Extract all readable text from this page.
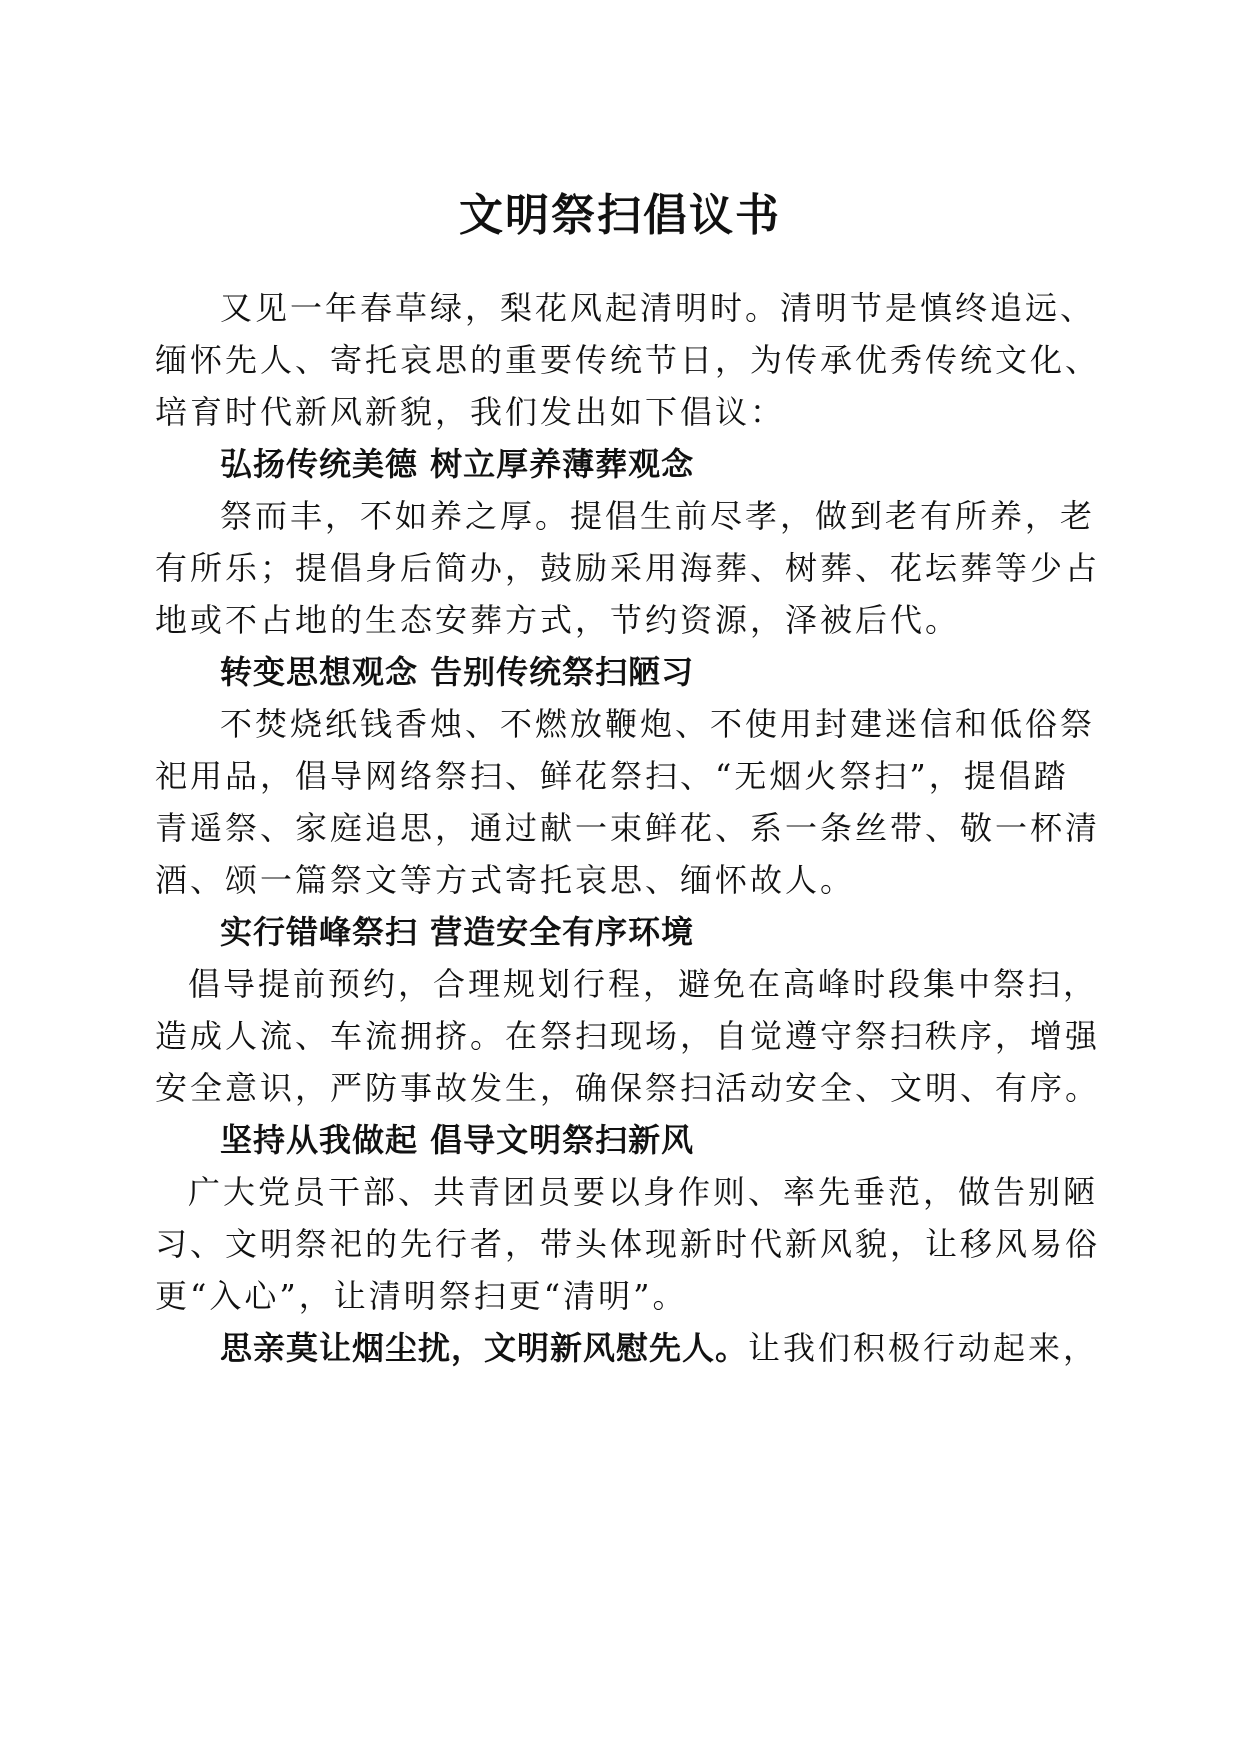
文明祭扫倡议书

又见一年春草绿，梨花风起清明时。清明节是慎终追远、

缅怀先人、寄托哀思的重要传统节日，为传承优秀传统文化、

培育时代新风新貌，我们发出如下倡议：

弘扬传统美德 树立厚养薄葬观念

祭而丰，不如养之厚。提倡生前尽孝，做到老有所养，老

有所乐；提倡身后简办，鼓励采用海葬、树葬、花坛葬等少占

地或不占地的生态安葬方式，节约资源，泽被后代。

转变思想观念 告别传统祭扫陋习

不焚烧纸钱香烛、不燃放鞭炮、不使用封建迷信和低俗祭

祀用品，倡导网络祭扫、鲜花祭扫、“无烟火祭扫”，提倡踏

青遥祭、家庭追思，通过献一束鲜花、系一条丝带、敬一杯清

酒、颂一篇祭文等方式寄托哀思、缅怀故人。

实行错峰祭扫 营造安全有序环境

倡导提前预约，合理规划行程，避免在高峰时段集中祭扫，

造成人流、车流拥挤。在祭扫现场，自觉遵守祭扫秩序，增强

安全意识，严防事故发生，确保祭扫活动安全、文明、有序。

坚持从我做起 倡导文明祭扫新风

广大党员干部、共青团员要以身作则、率先垂范，做告别陋

习、文明祭祀的先行者，带头体现新时代新风貌，让移风易俗

更“入心”，让清明祭扫更“清明”。

思亲莫让烟尘扰，文明新风慰先人。让我们积极行动起来，
